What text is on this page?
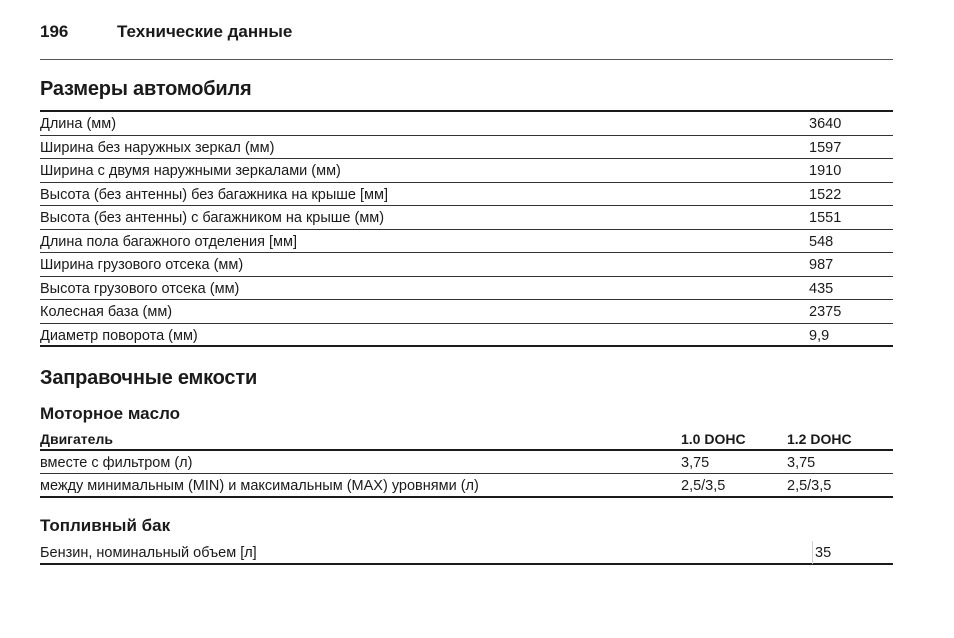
196	Технические данные
Размеры автомобиля
Длина (мм)	3640
Ширина без наружных зеркал (мм)	1597
Ширина с двумя наружными зеркалами (мм)	1910
Высота (без антенны) без багажника на крыше [мм]	1522
Высота (без антенны) с багажником на крыше (мм)	1551
Длина пола багажного отделения [мм]	548
Ширина грузового отсека (мм)	987
Высота грузового отсека (мм)	435
Колесная база (мм)	2375
Диаметр поворота (мм)	9,9
Заправочные емкости
Моторное масло
Двигатель	1.0 DOHC	1.2 DOHC
вместе с фильтром (л)	3,75	3,75
между минимальным (MIN) и максимальным (MAX) уровнями (л)	2,5/3,5	2,5/3,5
Топливный бак
Бензин, номинальный объем [л]	35
